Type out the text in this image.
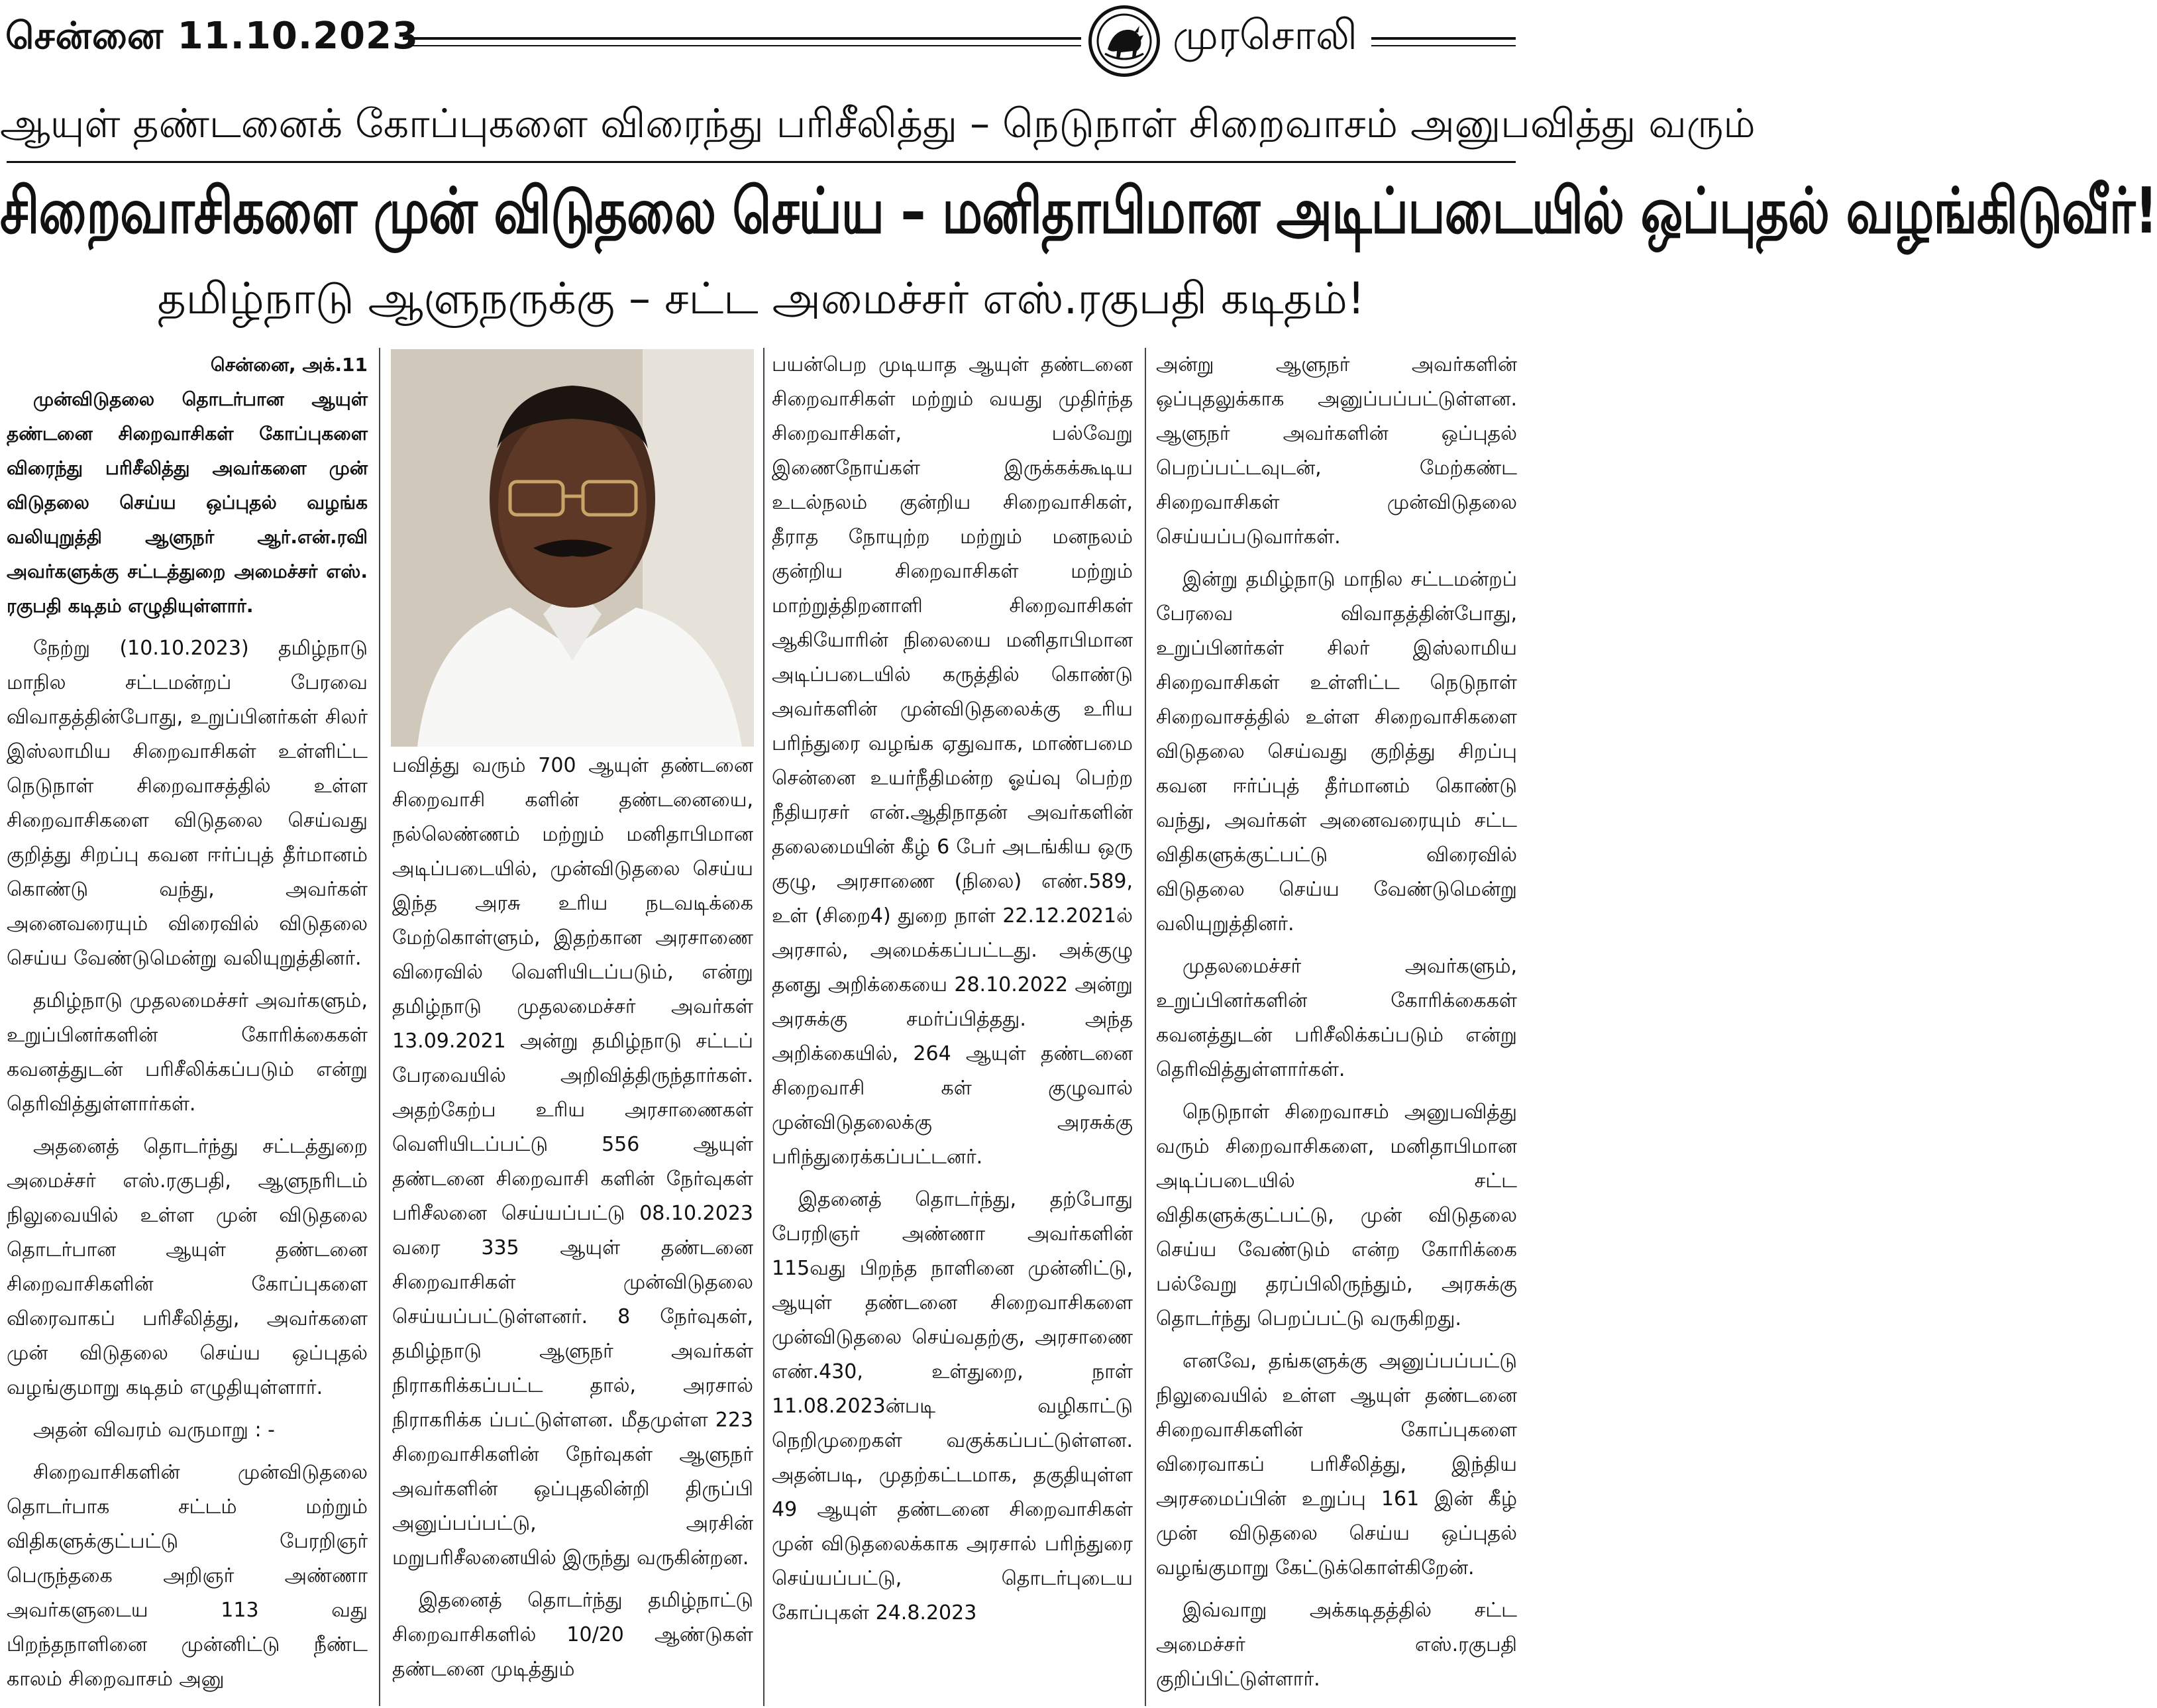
சென்னை 11.10.2023	முரசொலி
ஆயுள் தண்டனைக் கோப்புகளை விரைந்து பரிசீலித்து – நெடுநாள் சிறைவாசம் அனுபவித்து வரும்
சிறைவாசிகளை முன் விடுதலை செய்ய – மனிதாபிமான அடிப்படையில் ஒப்புதல் வழங்கிடுவீர்!
தமிழ்நாடு ஆளுநருக்கு – சட்ட அமைச்சர் எஸ்.ரகுபதி கடிதம்!
சென்னை, அக்.11

முன்விடுதலை தொடர்பான ஆயுள் தண்டனை சிறைவாசிகள் கோப்புகளை விரைந்து பரிசீலித்து அவர்களை முன் விடுதலை செய்ய ஒப்புதல் வழங்க வலியுறுத்தி ஆளுநர் ஆர்.என்.ரவி அவர்களுக்கு சட்டத்துறை அமைச்சர் எஸ். ரகுபதி கடிதம் எழுதியுள்ளார்.

நேற்று (10.10.2023) தமிழ்நாடு மாநில சட்டமன்றப் பேரவை விவாதத்தின்போது, உறுப்பினர்கள் சிலர் இஸ்லாமிய சிறைவாசிகள் உள்ளிட்ட நெடுநாள் சிறைவாசத்தில் உள்ள சிறைவாசிகளை விடுதலை செய்வது குறித்து சிறப்பு கவன ஈர்ப்புத் தீர்மானம் கொண்டு வந்து, அவர்கள் அனைவரையும் விரைவில் விடுதலை செய்ய வேண்டுமென்று வலியுறுத்தினர்.

தமிழ்நாடு முதலமைச்சர் அவர்களும், உறுப்பினர்களின் கோரிக்கைகள் கவனத்துடன் பரிசீலிக்கப்படும் என்று தெரிவித்துள்ளார்கள்.

அதனைத் தொடர்ந்து சட்டத்துறை அமைச்சர் எஸ்.ரகுபதி, ஆளுநரிடம் நிலுவையில் உள்ள முன் விடுதலை தொடர்பான ஆயுள் தண்டனை சிறைவாசிகளின் கோப்புகளை விரைவாகப் பரிசீலித்து, அவர்களை முன் விடுதலை செய்ய ஒப்புதல் வழங்குமாறு கடிதம் எழுதியுள்ளார்.

அதன் விவரம் வருமாறு : -

சிறைவாசிகளின் முன்விடுதலை தொடர்பாக சட்டம் மற்றும் விதிகளுக்குட்பட்டு பேரறிஞர் பெருந்தகை அறிஞர் அண்ணா அவர்களுடைய 113 வது பிறந்தநாளினை முன்னிட்டு நீண்ட காலம் சிறைவாசம் அனு

பவித்து வரும் 700 ஆயுள் தண்டனை சிறைவாசி களின் தண்டனையை, நல்லெண்ணம் மற்றும் மனிதாபிமான அடிப்படையில், முன்விடுதலை செய்ய இந்த அரசு உரிய நடவடிக்கை மேற்கொள்ளும், இதற்கான அரசாணை விரைவில் வெளியிடப்படும், என்று தமிழ்நாடு முதலமைச்சர் அவர்கள் 13.09.2021 அன்று தமிழ்நாடு சட்டப் பேரவையில் அறிவித்திருந்தார்கள். அதற்கேற்ப உரிய அரசாணைகள் வெளியிடப்பட்டு 556 ஆயுள் தண்டனை சிறைவாசி களின் நேர்வுகள் பரிசீலனை செய்யப்பட்டு 08.10.2023 வரை 335 ஆயுள் தண்டனை சிறைவாசிகள் முன்விடுதலை செய்யப்பட்டுள்ளனர். 8 நேர்வுகள், தமிழ்நாடு ஆளுநர் அவர்கள் நிராகரிக்கப்பட்ட தால், அரசால் நிராகரிக்க ப்பட்டுள்ளன. மீதமுள்ள 223 சிறைவாசிகளின் நேர்வுகள் ஆளுநர் அவர்களின் ஒப்புதலின்றி திருப்பி அனுப்பப்பட்டு, அரசின் மறுபரிசீலனையில் இருந்து வருகின்றன.

இதனைத் தொடர்ந்து தமிழ்நாட்டு சிறைவாசிகளில் 10/20 ஆண்டுகள் தண்டனை முடித்தும்

பயன்பெற முடியாத ஆயுள் தண்டனை சிறைவாசிகள் மற்றும் வயது முதிர்ந்த சிறைவாசிகள், பல்வேறு இணைநோய்கள் இருக்கக்கூடிய உடல்நலம் குன்றிய சிறைவாசிகள், தீராத நோயுற்ற மற்றும் மனநலம் குன்றிய சிறைவாசிகள் மற்றும் மாற்றுத்திறனாளி சிறைவாசிகள் ஆகியோரின் நிலையை மனிதாபிமான அடிப்படையில் கருத்தில் கொண்டு அவர்களின் முன்விடுதலைக்கு உரிய பரிந்துரை வழங்க ஏதுவாக, மாண்பமை சென்னை உயர்நீதிமன்ற ஓய்வு பெற்ற நீதியரசர் என்.ஆதிநாதன் அவர்களின் தலைமையின் கீழ் 6 பேர் அடங்கிய ஒரு குழு, அரசாணை (நிலை) எண்.589, உள் (சிறை4) துறை நாள் 22.12.2021ல் அரசால், அமைக்கப்பட்டது. அக்குழு தனது அறிக்கையை 28.10.2022 அன்று அரசுக்கு சமர்ப்பித்தது. அந்த அறிக்கையில், 264 ஆயுள் தண்டனை சிறைவாசி கள் குழுவால் முன்விடுதலைக்கு அரசுக்கு பரிந்துரைக்கப்பட்டனர்.

இதனைத் தொடர்ந்து, தற்போது பேரறிஞர் அண்ணா அவர்களின் 115வது பிறந்த நாளினை முன்னிட்டு, ஆயுள் தண்டனை சிறைவாசிகளை முன்விடுதலை செய்வதற்கு, அரசாணை எண்.430, உள்துறை, நாள் 11.08.2023ன்படி வழிகாட்டு நெறிமுறைகள் வகுக்கப்பட்டுள்ளன. அதன்படி, முதற்கட்டமாக, தகுதியுள்ள 49 ஆயுள் தண்டனை சிறைவாசிகள் முன் விடுதலைக்காக அரசால் பரிந்துரை செய்யப்பட்டு, தொடர்புடைய கோப்புகள் 24.8.2023

அன்று ஆளுநர் அவர்களின் ஒப்புதலுக்காக அனுப்பப்பட்டுள்ளன. ஆளுநர் அவர்களின் ஒப்புதல் பெறப்பட்டவுடன், மேற்கண்ட சிறைவாசிகள் முன்விடுதலை செய்யப்படுவார்கள்.

இன்று தமிழ்நாடு மாநில சட்டமன்றப் பேரவை விவாதத்தின்போது, உறுப்பினர்கள் சிலர் இஸ்லாமிய சிறைவாசிகள் உள்ளிட்ட நெடுநாள் சிறைவாசத்தில் உள்ள சிறைவாசிகளை விடுதலை செய்வது குறித்து சிறப்பு கவன ஈர்ப்புத் தீர்மானம் கொண்டு வந்து, அவர்கள் அனைவரையும் சட்ட விதிகளுக்குட்பட்டு விரைவில் விடுதலை செய்ய வேண்டுமென்று வலியுறுத்தினர்.

முதலமைச்சர் அவர்களும், உறுப்பினர்களின் கோரிக்கைகள் கவனத்துடன் பரிசீலிக்கப்படும் என்று தெரிவித்துள்ளார்கள்.

நெடுநாள் சிறைவாசம் அனுபவித்து வரும் சிறைவாசிகளை, மனிதாபிமான அடிப்படையில் சட்ட விதிகளுக்குட்பட்டு, முன் விடுதலை செய்ய வேண்டும் என்ற கோரிக்கை பல்வேறு தரப்பிலிருந்தும், அரசுக்கு தொடர்ந்து பெறப்பட்டு வருகிறது.

எனவே, தங்களுக்கு அனுப்பப்பட்டு நிலுவையில் உள்ள ஆயுள் தண்டனை சிறைவாசிகளின் கோப்புகளை விரைவாகப் பரிசீலித்து, இந்திய அரசமைப்பின் உறுப்பு 161 இன் கீழ் முன் விடுதலை செய்ய ஒப்புதல் வழங்குமாறு கேட்டுக்கொள்கிறேன்.

இவ்வாறு அக்கடிதத்தில் சட்ட அமைச்சர் எஸ்.ரகுபதி குறிப்பிட்டுள்ளார்.
